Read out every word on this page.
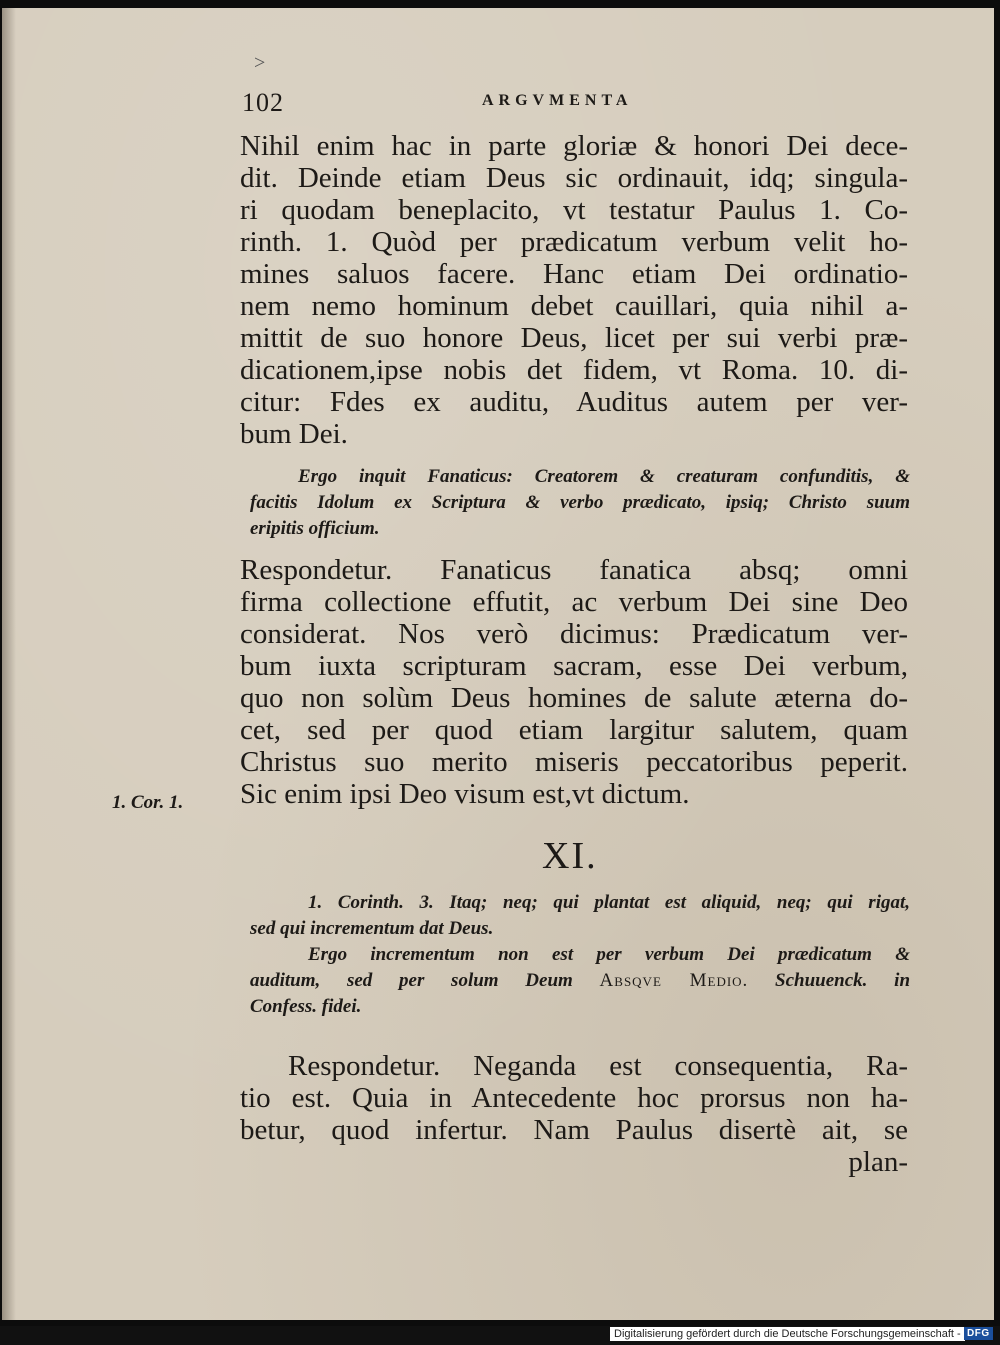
>
102	ARGVMENTA
Nihil enim hac in parte gloriæ & honori Dei dece-
dit. Deinde etiam Deus sic ordinauit, idq; singula-
ri quodam beneplacito, vt testatur Paulus 1. Co-
rinth. 1. Quòd per prædicatum verbum velit ho-
mines saluos facere. Hanc etiam Dei ordinatio-
nem nemo hominum debet cauillari, quia nihil a-
mittit de suo honore Deus, licet per sui verbi præ-
dicationem,ipse nobis det fidem, vt Roma. 10. di-
citur: Fdes ex auditu, Auditus autem per ver-
bum Dei.
Ergo inquit Fanaticus: Creatorem & creaturam confunditis, &
facitis Idolum ex Scriptura & verbo prædicato, ipsiq; Christo suum
eripitis officium.
Respondetur. Fanaticus fanatica absq; omni
firma collectione effutit, ac verbum Dei sine Deo
considerat. Nos verò dicimus: Prædicatum ver-
bum iuxta scripturam sacram, esse Dei verbum,
quo non solùm Deus homines de salute æterna do-
cet, sed per quod etiam largitur salutem, quam
Christus suo merito miseris peccatoribus peperit.
Sic enim ipsi Deo visum est,vt dictum.
1. Cor. 1.
XI.
1. Corinth. 3. Itaq; neq; qui plantat est aliquid, neq; qui rigat,
sed qui incrementum dat Deus.
Ergo incrementum non est per verbum Dei prædicatum &
auditum, sed per solum Deum Absqve Medio. Schuuenck. in
Confess. fidei.
Respondetur. Neganda est consequentia, Ra-
tio est. Quia in Antecedente hoc prorsus non ha-
betur, quod infertur. Nam Paulus disertè ait, se
plan-
Digitalisierung gefördert durch die Deutsche Forschungsgemeinschaft - DFG
